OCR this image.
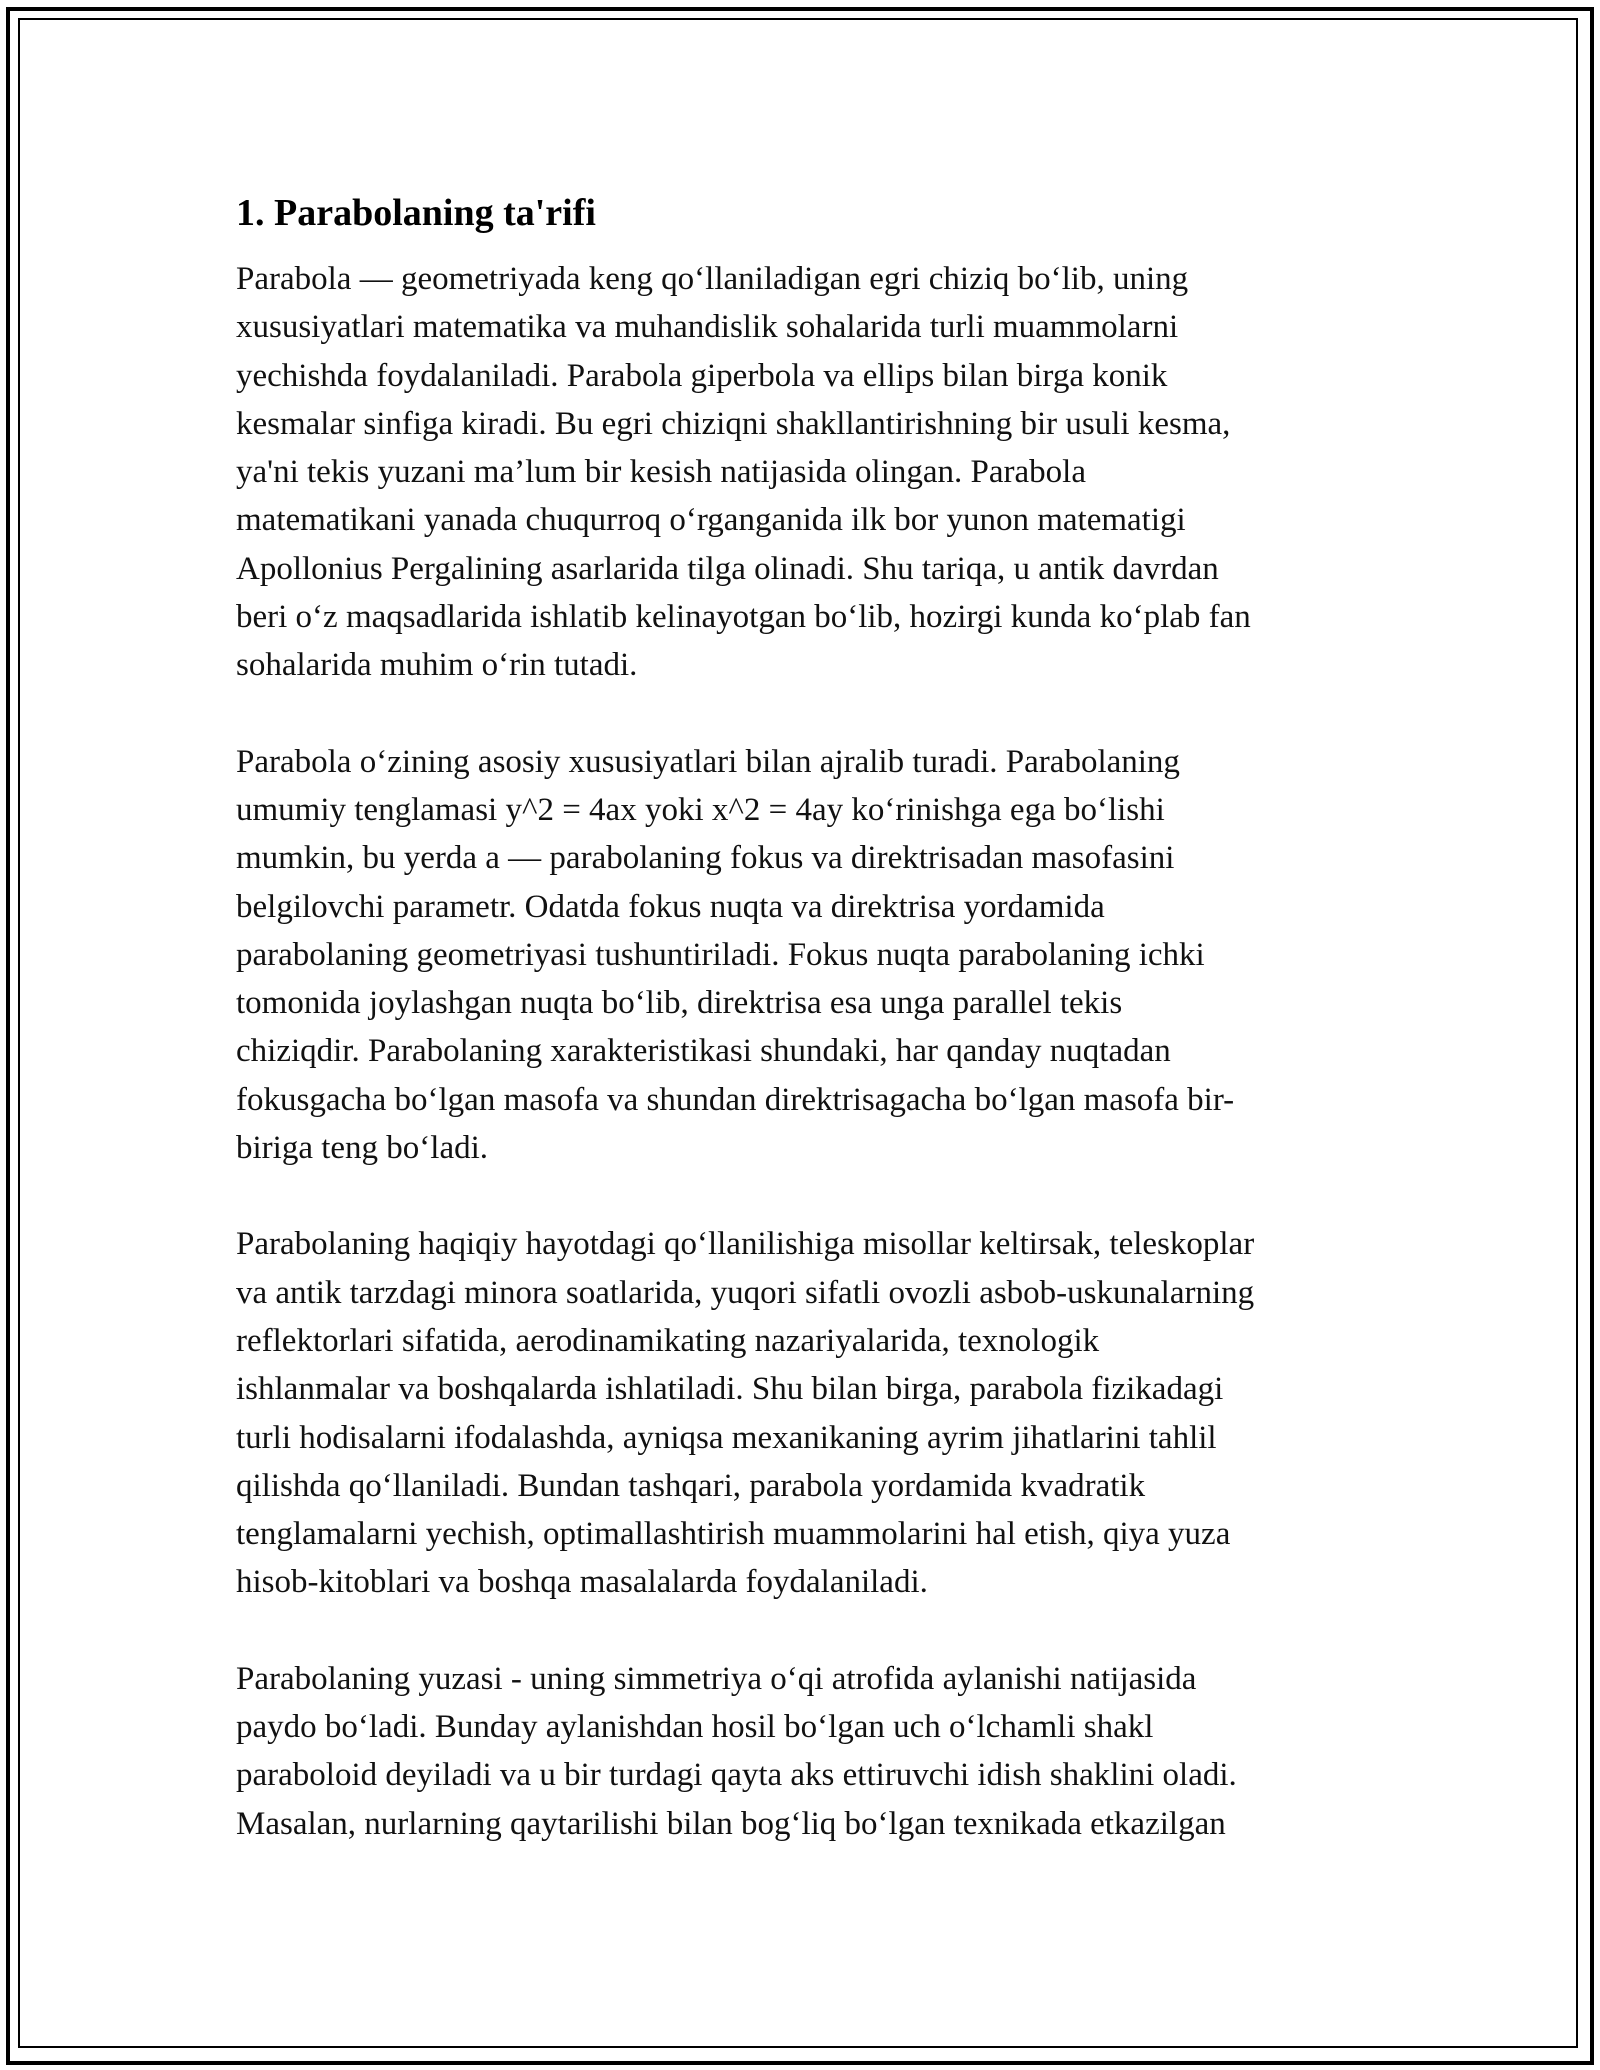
1. Parabolaning ta'rifi

Parabola — geometriyada keng qo‘llaniladigan egri chiziq bo‘lib, uning
xususiyatlari matematika va muhandislik sohalarida turli muammolarni
yechishda foydalaniladi. Parabola giperbola va ellips bilan birga konik
kesmalar sinfiga kiradi. Bu egri chiziqni shakllantirishning bir usuli kesma,
ya'ni tekis yuzani ma’lum bir kesish natijasida olingan. Parabola
matematikani yanada chuqurroq o‘rganganida ilk bor yunon matematigi
Apollonius Pergalining asarlarida tilga olinadi. Shu tariqa, u antik davrdan
beri o‘z maqsadlarida ishlatib kelinayotgan bo‘lib, hozirgi kunda ko‘plab fan
sohalarida muhim o‘rin tutadi.

Parabola o‘zining asosiy xususiyatlari bilan ajralib turadi. Parabolaning
umumiy tenglamasi y^2 = 4ax yoki x^2 = 4ay ko‘rinishga ega bo‘lishi
mumkin, bu yerda a — parabolaning fokus va direktrisadan masofasini
belgilovchi parametr. Odatda fokus nuqta va direktrisa yordamida
parabolaning geometriyasi tushuntiriladi. Fokus nuqta parabolaning ichki
tomonida joylashgan nuqta bo‘lib, direktrisa esa unga parallel tekis
chiziqdir. Parabolaning xarakteristikasi shundaki, har qanday nuqtadan
fokusgacha bo‘lgan masofa va shundan direktrisagacha bo‘lgan masofa bir-
biriga teng bo‘ladi.

Parabolaning haqiqiy hayotdagi qo‘llanilishiga misollar keltirsak, teleskoplar
va antik tarzdagi minora soatlarida, yuqori sifatli ovozli asbob-uskunalarning
reflektorlari sifatida, aerodinamikating nazariyalarida, texnologik
ishlanmalar va boshqalarda ishlatiladi. Shu bilan birga, parabola fizikadagi
turli hodisalarni ifodalashda, ayniqsa mexanikaning ayrim jihatlarini tahlil
qilishda qo‘llaniladi. Bundan tashqari, parabola yordamida kvadratik
tenglamalarni yechish, optimallashtirish muammolarini hal etish, qiya yuza
hisob-kitoblari va boshqa masalalarda foydalaniladi.

Parabolaning yuzasi - uning simmetriya o‘qi atrofida aylanishi natijasida
paydo bo‘ladi. Bunday aylanishdan hosil bo‘lgan uch o‘lchamli shakl
paraboloid deyiladi va u bir turdagi qayta aks ettiruvchi idish shaklini oladi.
Masalan, nurlarning qaytarilishi bilan bog‘liq bo‘lgan texnikada etkazilgan
